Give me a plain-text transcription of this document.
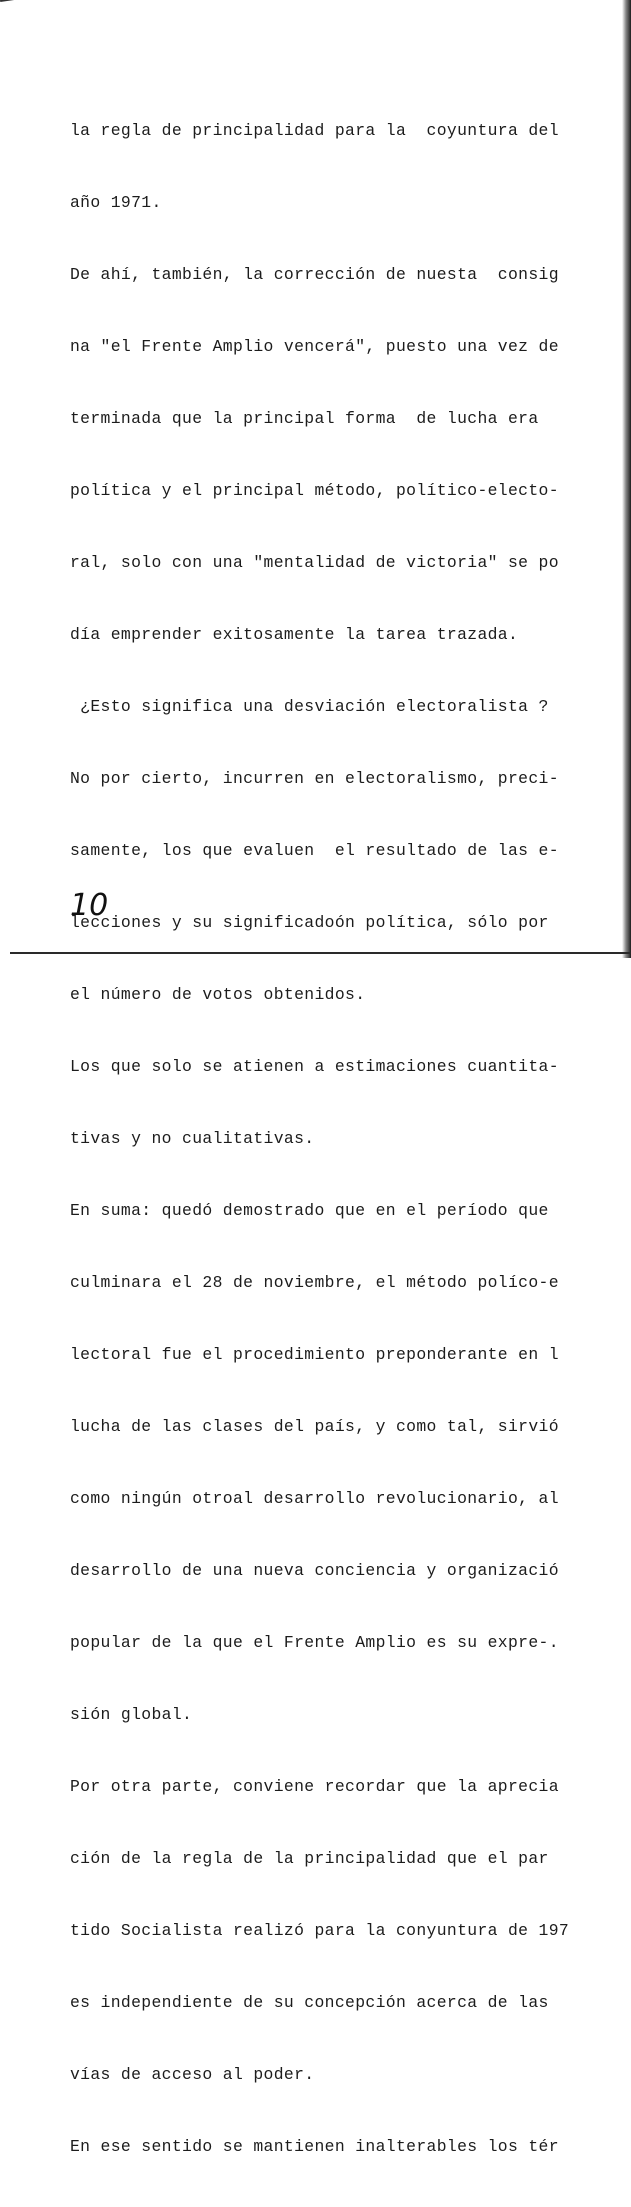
la regla de principalidad para la  coyuntura del

año 1971.

De ahí, también, la corrección de nuesta  consig

na "el Frente Amplio vencerá", puesto una vez de

terminada que la principal forma  de lucha era

política y el principal método, político-electo-

ral, solo con una "mentalidad de victoria" se po

día emprender exitosamente la tarea trazada.

¿Esto significa una desviación electoralista ?

No por cierto, incurren en electoralismo, preci-

samente, los que evaluen  el resultado de las e-

lecciones y su significadoón política, sólo por

el número de votos obtenidos.

Los que solo se atienen a estimaciones cuantita-

tivas y no cualitativas.

En suma: quedó demostrado que en el período que

culminara el 28 de noviembre, el método políco-e

lectoral fue el procedimiento preponderante en l

lucha de las clases del país, y como tal, sirvió

como ningún otroal desarrollo revolucionario, al

desarrollo de una nueva conciencia y organizació

popular de la que el Frente Amplio es su expre-.

sión global.

Por otra parte, conviene recordar que la aprecia

ción de la regla de la principalidad que el par

tido Socialista realizó para la conyuntura de 197

es independiente de su concepción acerca de las

vías de acceso al poder.

En ese sentido se mantienen inalterables los tér

10
